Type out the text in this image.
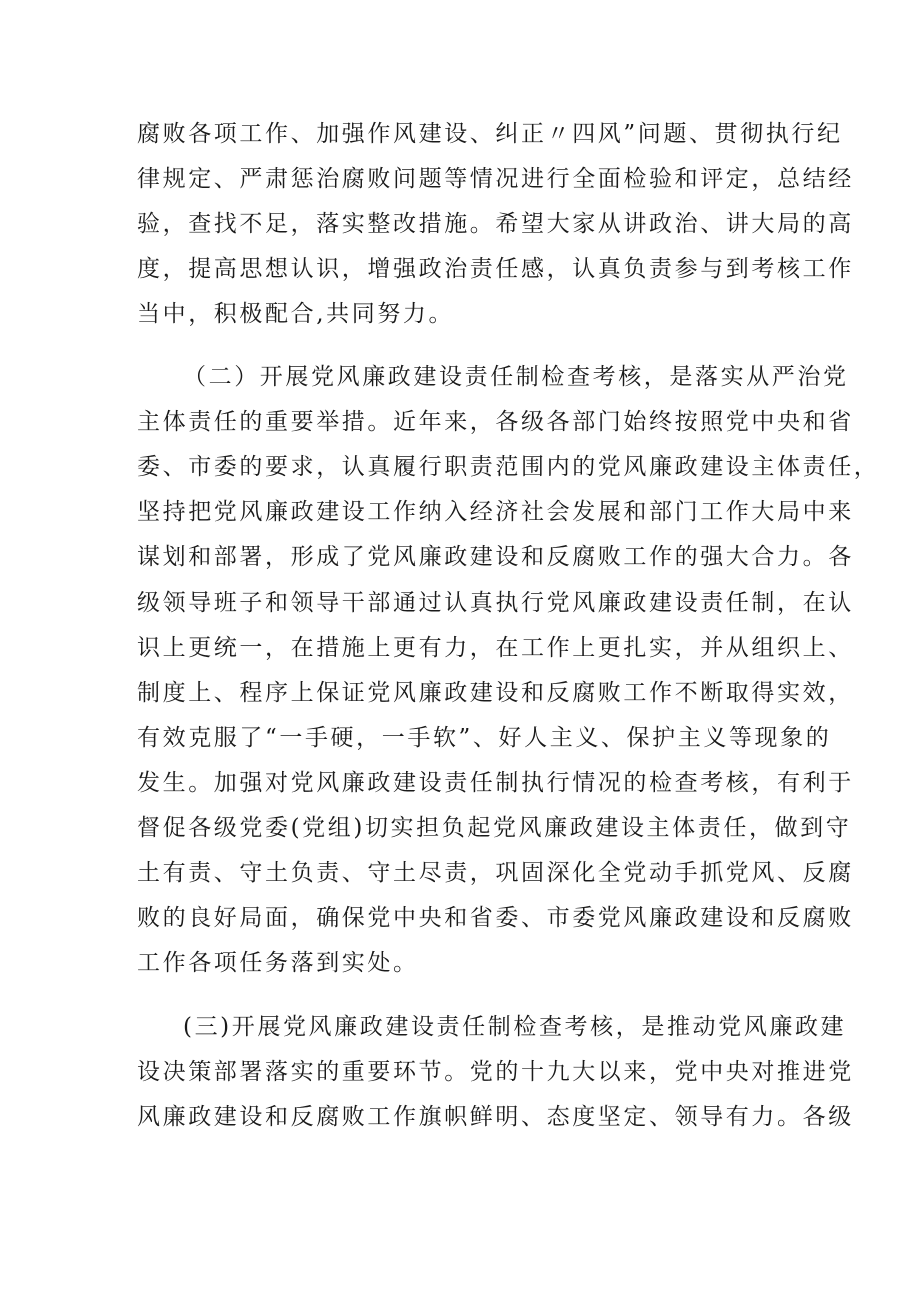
腐败各项工作、加强作风建设、纠正〃四风”问题、贯彻执行纪
律规定、严肃惩治腐败问题等情况进行全面检验和评定，总结经
验，查找不足，落实整改措施。希望大家从讲政治、讲大局的高
度，提高思想认识，增强政治责任感，认真负责参与到考核工作
当中，积极配合,共同努力。
（二）开展党风廉政建设责任制检查考核，是落实从严治党
主体责任的重要举措。近年来，各级各部门始终按照党中央和省
委、市委的要求，认真履行职责范围内的党风廉政建设主体责任，
坚持把党风廉政建设工作纳入经济社会发展和部门工作大局中来
谋划和部署，形成了党风廉政建设和反腐败工作的强大合力。各
级领导班子和领导干部通过认真执行党风廉政建设责任制，在认
识上更统一，在措施上更有力，在工作上更扎实，并从组织上、
制度上、程序上保证党风廉政建设和反腐败工作不断取得实效，
有效克服了“一手硬，一手软”、好人主义、保护主义等现象的
发生。加强对党风廉政建设责任制执行情况的检查考核，有利于
督促各级党委(党组)切实担负起党风廉政建设主体责任，做到守
土有责、守土负责、守土尽责，巩固深化全党动手抓党风、反腐
败的良好局面，确保党中央和省委、市委党风廉政建设和反腐败
工作各项任务落到实处。
(三)开展党风廉政建设责任制检查考核，是推动党风廉政建
设决策部署落实的重要环节。党的十九大以来，党中央对推进党
风廉政建设和反腐败工作旗帜鲜明、态度坚定、领导有力。各级
